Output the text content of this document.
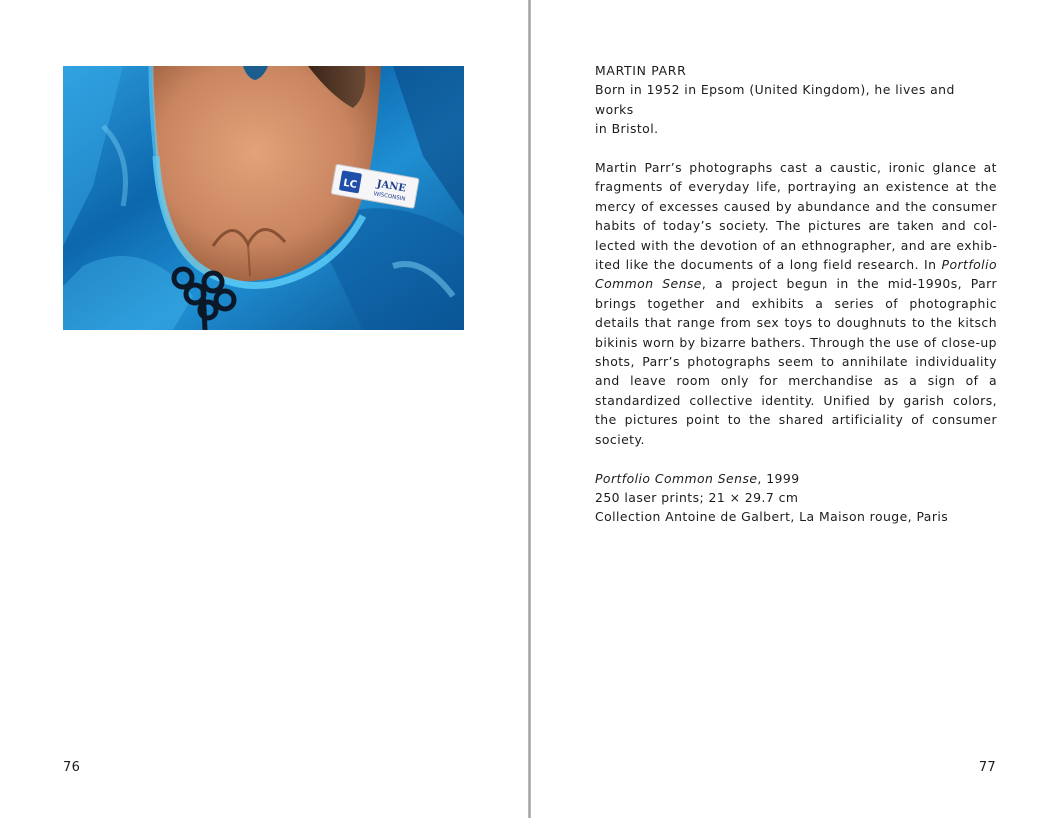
LC JANE
WISCONSIN
76

MARTIN PARR

Born in 1952 in Epsom (United Kingdom), he lives and works

in Bristol.

Martin Parr’s photographs cast a caustic, ironic glance at fragments of everyday life, portraying an existence at the mercy of excesses caused by abundance and the consumer habits of today’s society. The pictures are taken and collected with the devotion of an ethnographer, and are exhibited like the documents of a long field research. In Portfolio Common Sense, a project begun in the mid-1990s, Parr brings together and exhibits a series of photographic details that range from sex toys to doughnuts to the kitsch bikinis worn by bizarre bathers. Through the use of close-up shots, Parr’s photographs seem to annihilate individuality and leave room only for merchandise as a sign of a standardized collective identity. Unified by garish colors, the pictures point to the shared artificiality of consumer society.

Portfolio Common Sense, 1999

250 laser prints; 21 × 29.7 cm

Collection Antoine de Galbert, La Maison rouge, Paris

77
